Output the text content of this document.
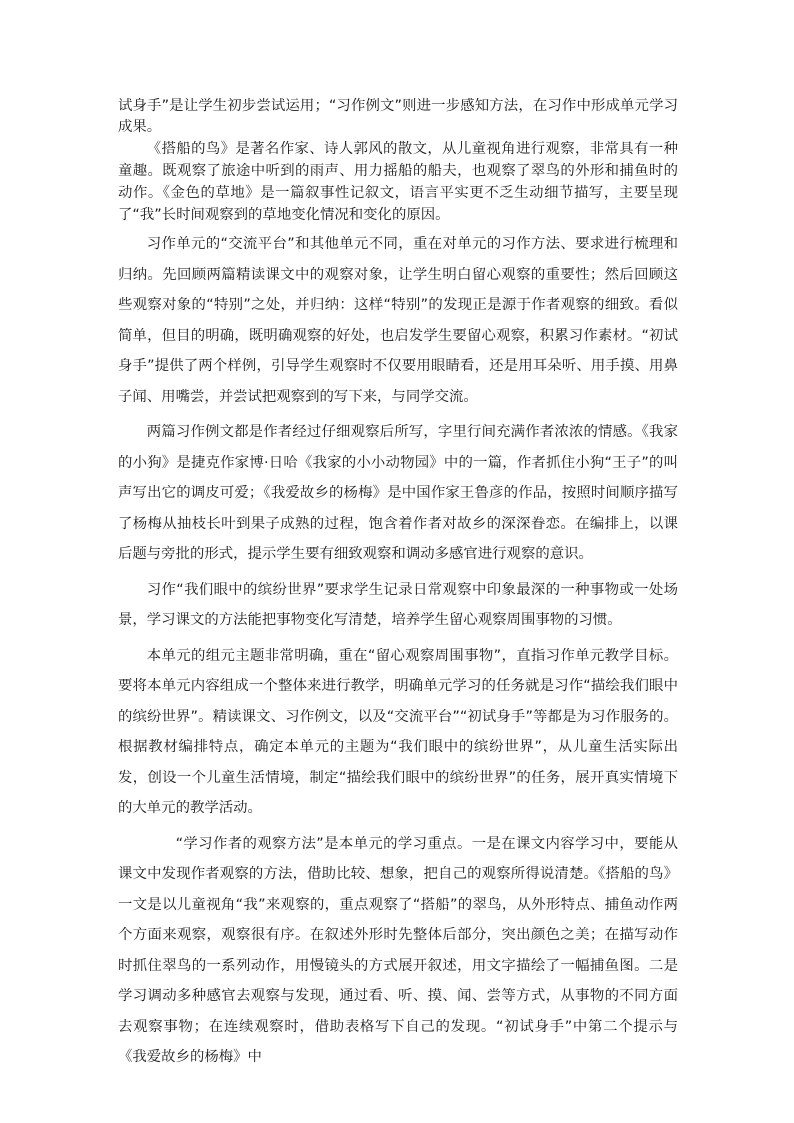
试身手”是让学生初步尝试运用；“习作例文”则进一步感知方法，在习作中形成单元学习成果。

《搭船的鸟》是著名作家、诗人郭风的散文，从儿童视角进行观察，非常具有一种童趣。既观察了旅途中听到的雨声、用力摇船的船夫，也观察了翠鸟的外形和捕鱼时的动作。《金色的草地》是一篇叙事性记叙文，语言平实更不乏生动细节描写，主要呈现了“我”长时间观察到的草地变化情况和变化的原因。

习作单元的“交流平台”和其他单元不同，重在对单元的习作方法、要求进行梳理和归纳。先回顾两篇精读课文中的观察对象，让学生明白留心观察的重要性；然后回顾这些观察对象的“特别”之处，并归纳：这样“特别”的发现正是源于作者观察的细致。看似简单，但目的明确，既明确观察的好处，也启发学生要留心观察，积累习作素材。“初试身手”提供了两个样例，引导学生观察时不仅要用眼睛看，还是用耳朵听、用手摸、用鼻子闻、用嘴尝，并尝试把观察到的写下来，与同学交流。

两篇习作例文都是作者经过仔细观察后所写，字里行间充满作者浓浓的情感。《我家的小狗》是捷克作家博·日哈《我家的小小动物园》中的一篇，作者抓住小狗“王子”的叫声写出它的调皮可爱；《我爱故乡的杨梅》是中国作家王鲁彦的作品，按照时间顺序描写了杨梅从抽枝长叶到果子成熟的过程，饱含着作者对故乡的深深眷恋。在编排上，以课后题与旁批的形式，提示学生要有细致观察和调动多感官进行观察的意识。

习作“我们眼中的缤纷世界”要求学生记录日常观察中印象最深的一种事物或一处场景，学习课文的方法能把事物变化写清楚，培养学生留心观察周围事物的习惯。

本单元的组元主题非常明确，重在“留心观察周围事物”，直指习作单元教学目标。要将本单元内容组成一个整体来进行教学，明确单元学习的任务就是习作“描绘我们眼中的缤纷世界”。精读课文、习作例文，以及“交流平台”“初试身手”等都是为习作服务的。根据教材编排特点，确定本单元的主题为“我们眼中的缤纷世界”，从儿童生活实际出发，创设一个儿童生活情境，制定“描绘我们眼中的缤纷世界”的任务，展开真实情境下的大单元的教学活动。

“学习作者的观察方法”是本单元的学习重点。一是在课文内容学习中，要能从课文中发现作者观察的方法，借助比较、想象，把自己的观察所得说清楚。《搭船的鸟》一文是以儿童视角“我”来观察的，重点观察了“搭船”的翠鸟，从外形特点、捕鱼动作两个方面来观察，观察很有序。在叙述外形时先整体后部分，突出颜色之美；在描写动作时抓住翠鸟的一系列动作，用慢镜头的方式展开叙述，用文字描绘了一幅捕鱼图。二是学习调动多种感官去观察与发现，通过看、听、摸、闻、尝等方式，从事物的不同方面去观察事物；在连续观察时，借助表格写下自己的发现。“初试身手”中第二个提示与《我爱故乡的杨梅》中
